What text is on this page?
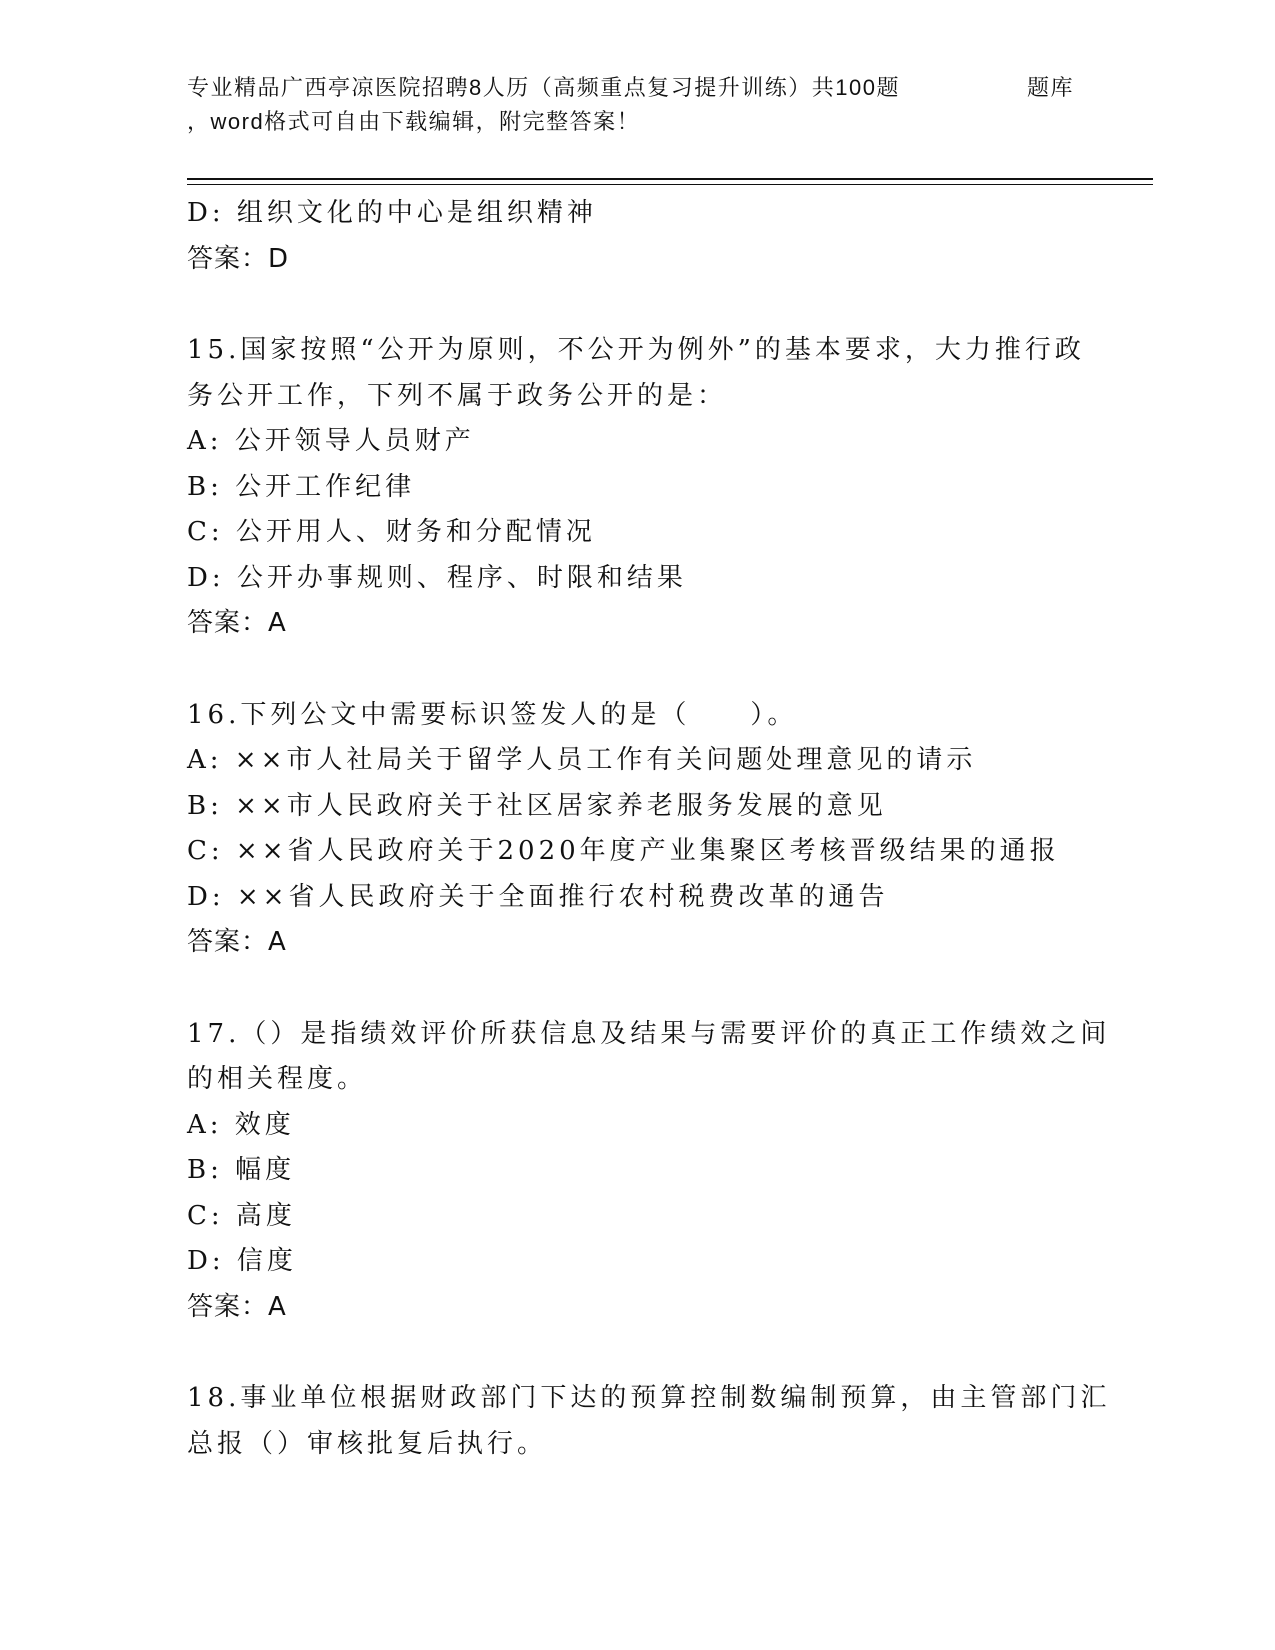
专业精品广西亭凉医院招聘8人历（高频重点复习提升训练）共100题
，word格式可自由下载编辑，附完整答案！
题库
D: 组织文化的中心是组织精神
答案：D
15.国家按照“公开为原则，不公开为例外”的基本要求，大力推行政
务公开工作，下列不属于政务公开的是：
A: 公开领导人员财产
B: 公开工作纪律
C: 公开用人、财务和分配情况
D: 公开办事规则、程序、时限和结果
答案：A
16.下列公文中需要标识签发人的是（　　）。
A: ××市人社局关于留学人员工作有关问题处理意见的请示
B: ××市人民政府关于社区居家养老服务发展的意见
C: ××省人民政府关于2020年度产业集聚区考核晋级结果的通报
D: ××省人民政府关于全面推行农村税费改革的通告
答案：A
17.（）是指绩效评价所获信息及结果与需要评价的真正工作绩效之间
的相关程度。
A: 效度
B: 幅度
C: 高度
D: 信度
答案：A
18.事业单位根据财政部门下达的预算控制数编制预算，由主管部门汇
总报（）审核批复后执行。
